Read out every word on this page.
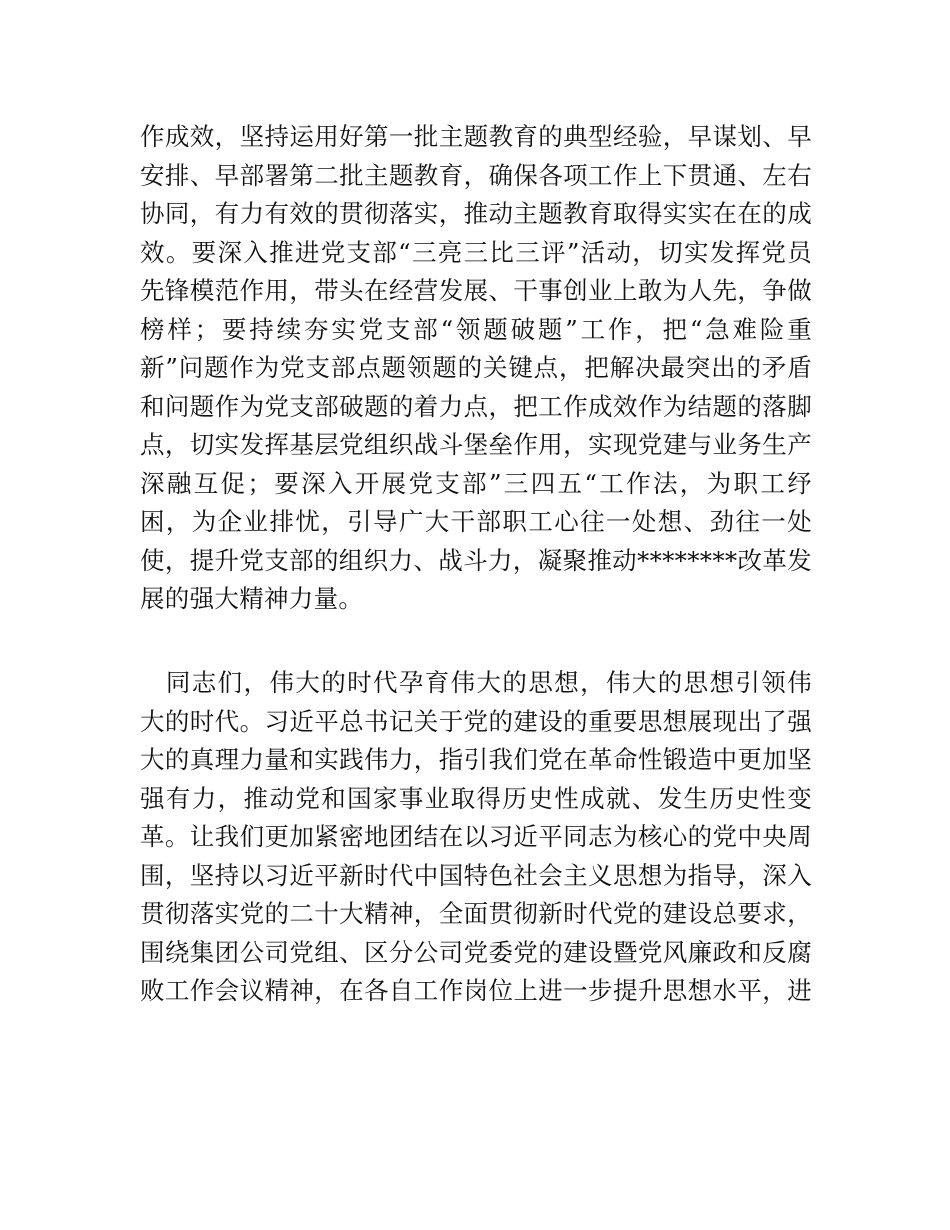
作成效，坚持运用好第一批主题教育的典型经验，早谋划、早
安排、早部署第二批主题教育，确保各项工作上下贯通、左右
协同，有力有效的贯彻落实，推动主题教育取得实实在在的成
效。要深入推进党支部“三亮三比三评”活动，切实发挥党员
先锋模范作用，带头在经营发展、干事创业上敢为人先，争做
榜样；要持续夯实党支部“领题破题”工作，把“急难险重
新”问题作为党支部点题领题的关键点，把解决最突出的矛盾
和问题作为党支部破题的着力点，把工作成效作为结题的落脚
点，切实发挥基层党组织战斗堡垒作用，实现党建与业务生产
深融互促；要深入开展党支部”三四五“工作法，为职工纾
困，为企业排忧，引导广大干部职工心往一处想、劲往一处
使，提升党支部的组织力、战斗力，凝聚推动********改革发
展的强大精神力量。
　同志们，伟大的时代孕育伟大的思想，伟大的思想引领伟
大的时代。习近平总书记关于党的建设的重要思想展现出了强
大的真理力量和实践伟力，指引我们党在革命性锻造中更加坚
强有力，推动党和国家事业取得历史性成就、发生历史性变
革。让我们更加紧密地团结在以习近平同志为核心的党中央周
围，坚持以习近平新时代中国特色社会主义思想为指导，深入
贯彻落实党的二十大精神，全面贯彻新时代党的建设总要求，
围绕集团公司党组、区分公司党委党的建设暨党风廉政和反腐
败工作会议精神，在各自工作岗位上进一步提升思想水平，进
